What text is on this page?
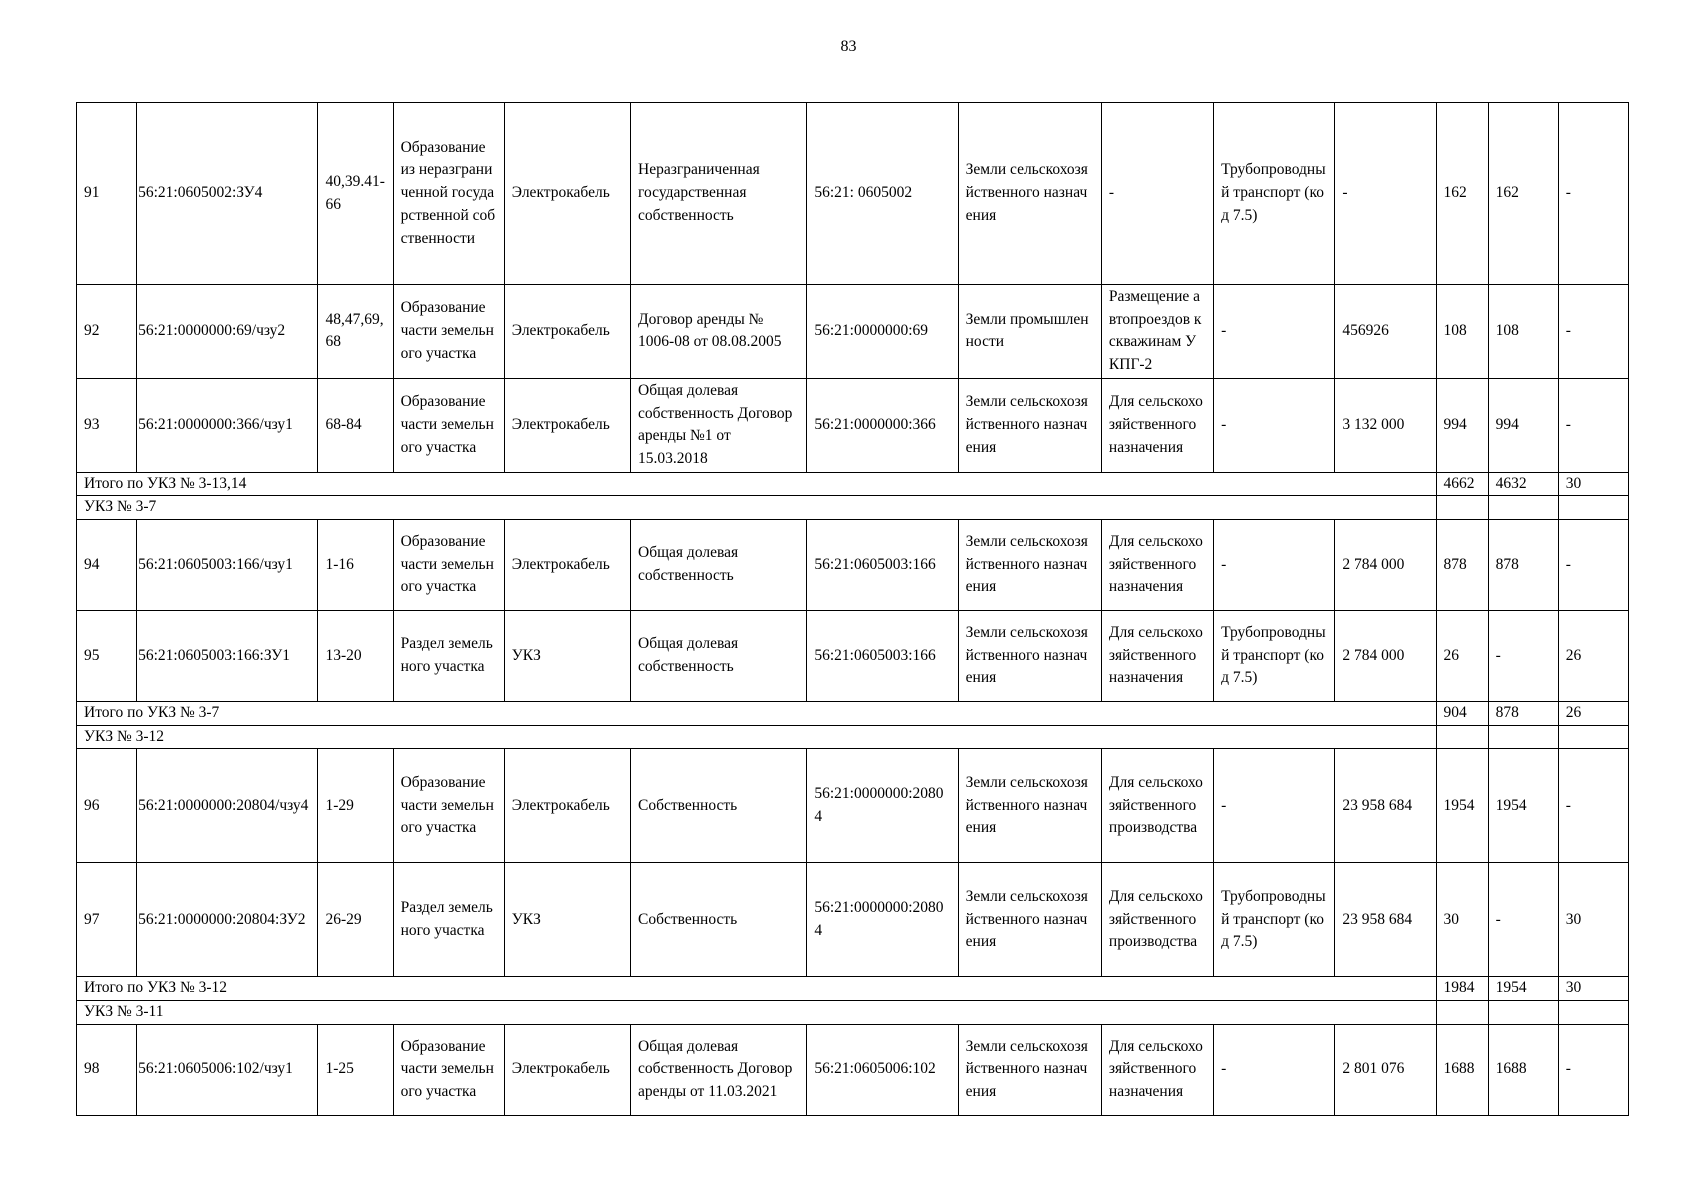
83
91	56:21:0605002:ЗУ4	40,39.41-66	Образование из неразграниченной государственной собственности	Электрокабель	Неразграниченная государственная собственность	56:21: 0605002	Земли сельскохозяйственного назначения	-	Трубопроводный транспорт (код 7.5)	-	162	162	-
92	56:21:0000000:69/чзу2	48,47,69,68	Образование части земельного участка	Электрокабель	Договор аренды № 1006-08 от 08.08.2005	56:21:0000000:69	Земли промышленности	Размещение автопроездов к скважинам УКПГ-2	-	456926	108	108	-
93	56:21:0000000:366/чзу1	68-84	Образование части земельного участка	Электрокабель	Общая долевая собственность Договор аренды №1 от 15.03.2018	56:21:0000000:366	Земли сельскохозяйственного назначения	Для сельскохозяйственного назначения	-	3 132 000	994	994	-
Итого по УКЗ № 3-13,14											4662	4632	30
УКЗ № 3-7													
94	56:21:0605003:166/чзу1	1-16	Образование части земельного участка	Электрокабель	Общая долевая собственность	56:21:0605003:166	Земли сельскохозяйственного назначения	Для сельскохозяйственного назначения	-	2 784 000	878	878	-
95	56:21:0605003:166:ЗУ1	13-20	Раздел земельного участка	УКЗ	Общая долевая собственность	56:21:0605003:166	Земли сельскохозяйственного назначения	Для сельскохозяйственного назначения	Трубопроводный транспорт (код 7.5)	2 784 000	26	-	26
Итого по УКЗ № 3-7											904	878	26
УКЗ № 3-12													
96	56:21:0000000:20804/чзу4	1-29	Образование части земельного участка	Электрокабель	Собственность	56:21:0000000:20804	Земли сельскохозяйственного назначения	Для сельскохозяйственного производства	-	23 958 684	1954	1954	-
97	56:21:0000000:20804:ЗУ2	26-29	Раздел земельного участка	УКЗ	Собственность	56:21:0000000:20804	Земли сельскохозяйственного назначения	Для сельскохозяйственного производства	Трубопроводный транспорт (код 7.5)	23 958 684	30	-	30
Итого по УКЗ № 3-12											1984	1954	30
УКЗ № 3-11													
98	56:21:0605006:102/чзу1	1-25	Образование части земельного участка	Электрокабель	Общая долевая собственность Договор аренды от 11.03.2021	56:21:0605006:102	Земли сельскохозяйственного назначения	Для сельскохозяйственного назначения	-	2 801 076	1688	1688	-
